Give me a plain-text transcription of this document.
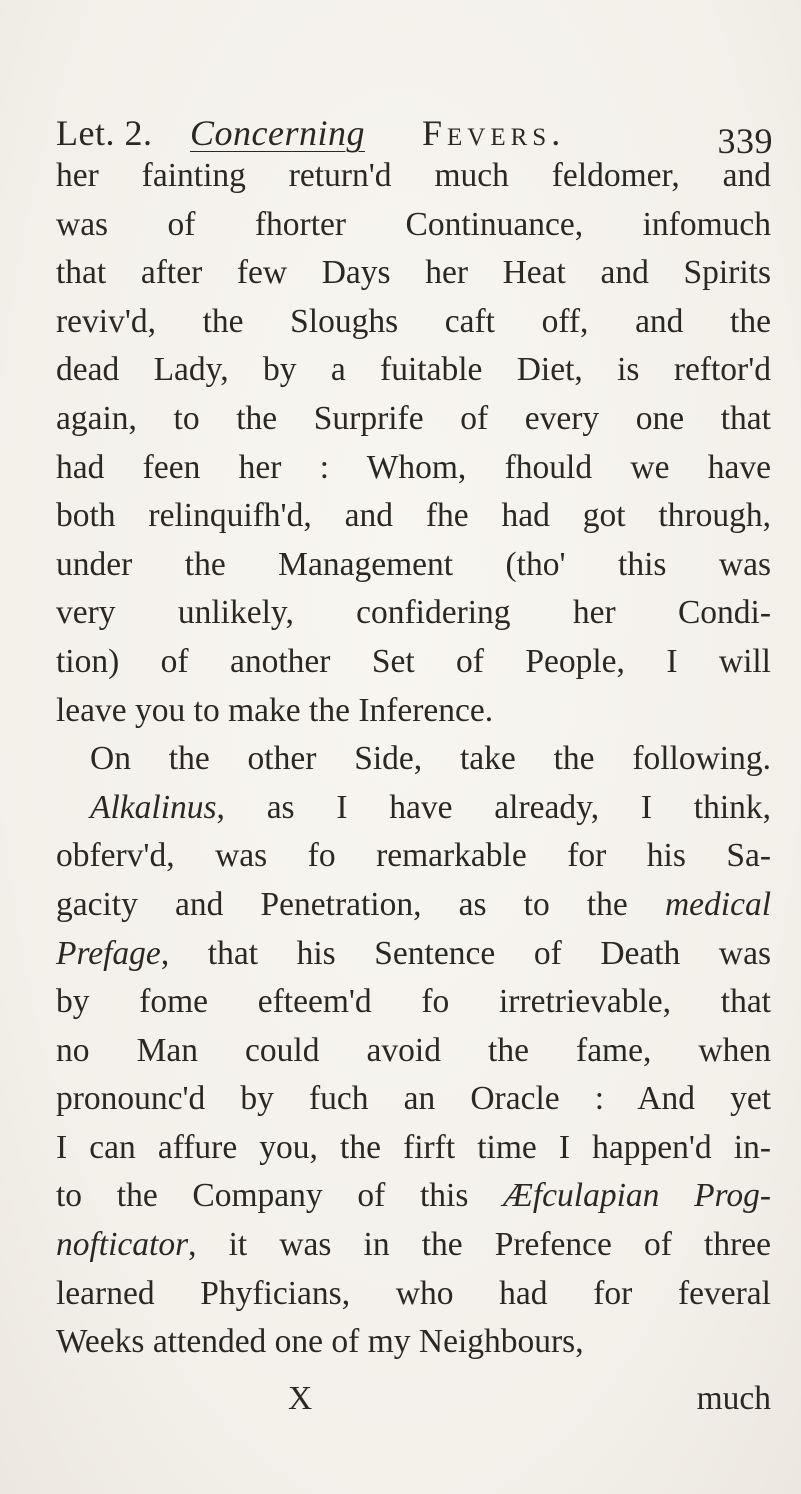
Let. 2. Concerning Fevers.	339
her fainting return'd much feldomer, and
was of fhorter Continuance, infomuch
that after few Days her Heat and Spirits
reviv'd, the Sloughs caft off, and the
dead Lady, by a fuitable Diet, is reftor'd
again, to the Surprife of every one that
had feen her : Whom, fhould we have
both relinquifh'd, and fhe had got through,
under the Management (tho' this was
very unlikely, confidering her Condi-
tion) of another Set of People, I will
leave you to make the Inference.
On the other Side, take the following.
Alkalinus, as I have already, I think,
obferv'd, was fo remarkable for his Sa-
gacity and Penetration, as to the medical
Prefage, that his Sentence of Death was
by fome efteem'd fo irretrievable, that
no Man could avoid the fame, when
pronounc'd by fuch an Oracle : And yet
I can affure you, the firft time I happen'd in-
to the Company of this Æfculapian Prog-
nofticator, it was in the Prefence of three
learned Phyficians, who had for feveral
Weeks attended one of my Neighbours,
X	much
